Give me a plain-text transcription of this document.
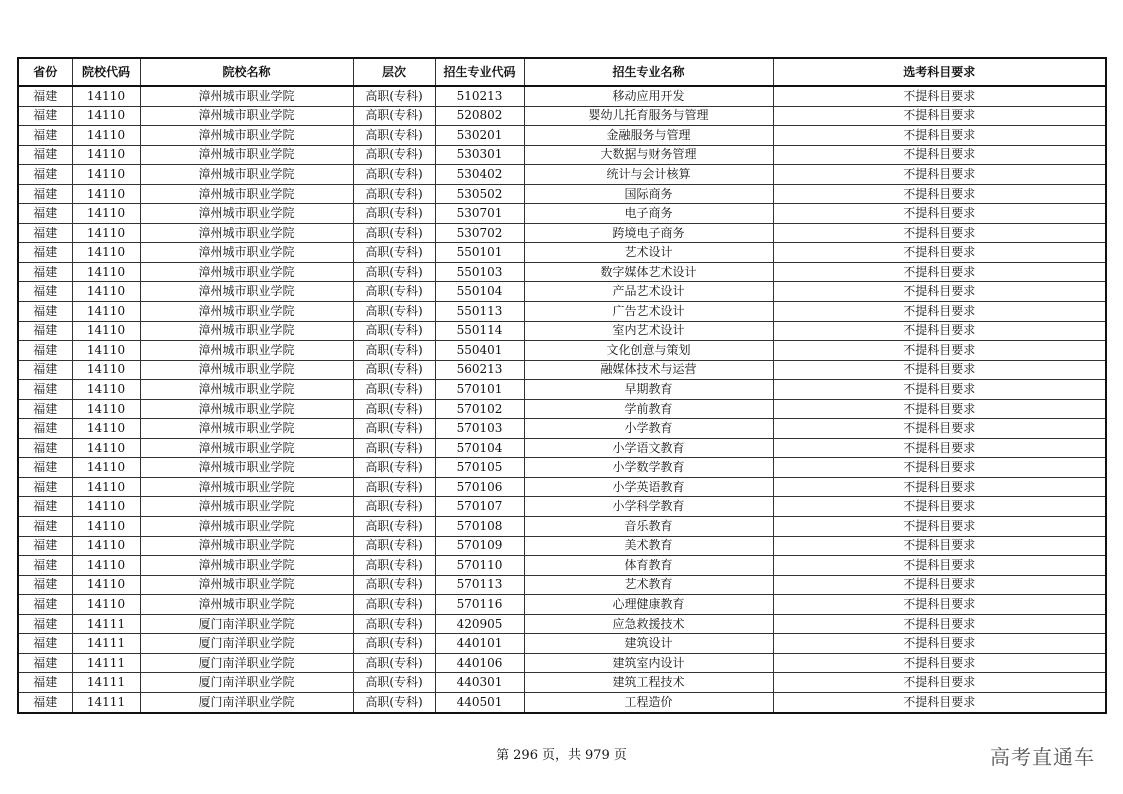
省份	院校代码	院校名称	层次	招生专业代码	招生专业名称	选考科目要求
福建	14110	漳州城市职业学院	高职(专科)	510213	移动应用开发	不提科目要求
福建	14110	漳州城市职业学院	高职(专科)	520802	婴幼儿托育服务与管理	不提科目要求
福建	14110	漳州城市职业学院	高职(专科)	530201	金融服务与管理	不提科目要求
福建	14110	漳州城市职业学院	高职(专科)	530301	大数据与财务管理	不提科目要求
福建	14110	漳州城市职业学院	高职(专科)	530402	统计与会计核算	不提科目要求
福建	14110	漳州城市职业学院	高职(专科)	530502	国际商务	不提科目要求
福建	14110	漳州城市职业学院	高职(专科)	530701	电子商务	不提科目要求
福建	14110	漳州城市职业学院	高职(专科)	530702	跨境电子商务	不提科目要求
福建	14110	漳州城市职业学院	高职(专科)	550101	艺术设计	不提科目要求
福建	14110	漳州城市职业学院	高职(专科)	550103	数字媒体艺术设计	不提科目要求
福建	14110	漳州城市职业学院	高职(专科)	550104	产品艺术设计	不提科目要求
福建	14110	漳州城市职业学院	高职(专科)	550113	广告艺术设计	不提科目要求
福建	14110	漳州城市职业学院	高职(专科)	550114	室内艺术设计	不提科目要求
福建	14110	漳州城市职业学院	高职(专科)	550401	文化创意与策划	不提科目要求
福建	14110	漳州城市职业学院	高职(专科)	560213	融媒体技术与运营	不提科目要求
福建	14110	漳州城市职业学院	高职(专科)	570101	早期教育	不提科目要求
福建	14110	漳州城市职业学院	高职(专科)	570102	学前教育	不提科目要求
福建	14110	漳州城市职业学院	高职(专科)	570103	小学教育	不提科目要求
福建	14110	漳州城市职业学院	高职(专科)	570104	小学语文教育	不提科目要求
福建	14110	漳州城市职业学院	高职(专科)	570105	小学数学教育	不提科目要求
福建	14110	漳州城市职业学院	高职(专科)	570106	小学英语教育	不提科目要求
福建	14110	漳州城市职业学院	高职(专科)	570107	小学科学教育	不提科目要求
福建	14110	漳州城市职业学院	高职(专科)	570108	音乐教育	不提科目要求
福建	14110	漳州城市职业学院	高职(专科)	570109	美术教育	不提科目要求
福建	14110	漳州城市职业学院	高职(专科)	570110	体育教育	不提科目要求
福建	14110	漳州城市职业学院	高职(专科)	570113	艺术教育	不提科目要求
福建	14110	漳州城市职业学院	高职(专科)	570116	心理健康教育	不提科目要求
福建	14111	厦门南洋职业学院	高职(专科)	420905	应急救援技术	不提科目要求
福建	14111	厦门南洋职业学院	高职(专科)	440101	建筑设计	不提科目要求
福建	14111	厦门南洋职业学院	高职(专科)	440106	建筑室内设计	不提科目要求
福建	14111	厦门南洋职业学院	高职(专科)	440301	建筑工程技术	不提科目要求
福建	14111	厦门南洋职业学院	高职(专科)	440501	工程造价	不提科目要求
第 296 页，共 979 页	高考直通车
